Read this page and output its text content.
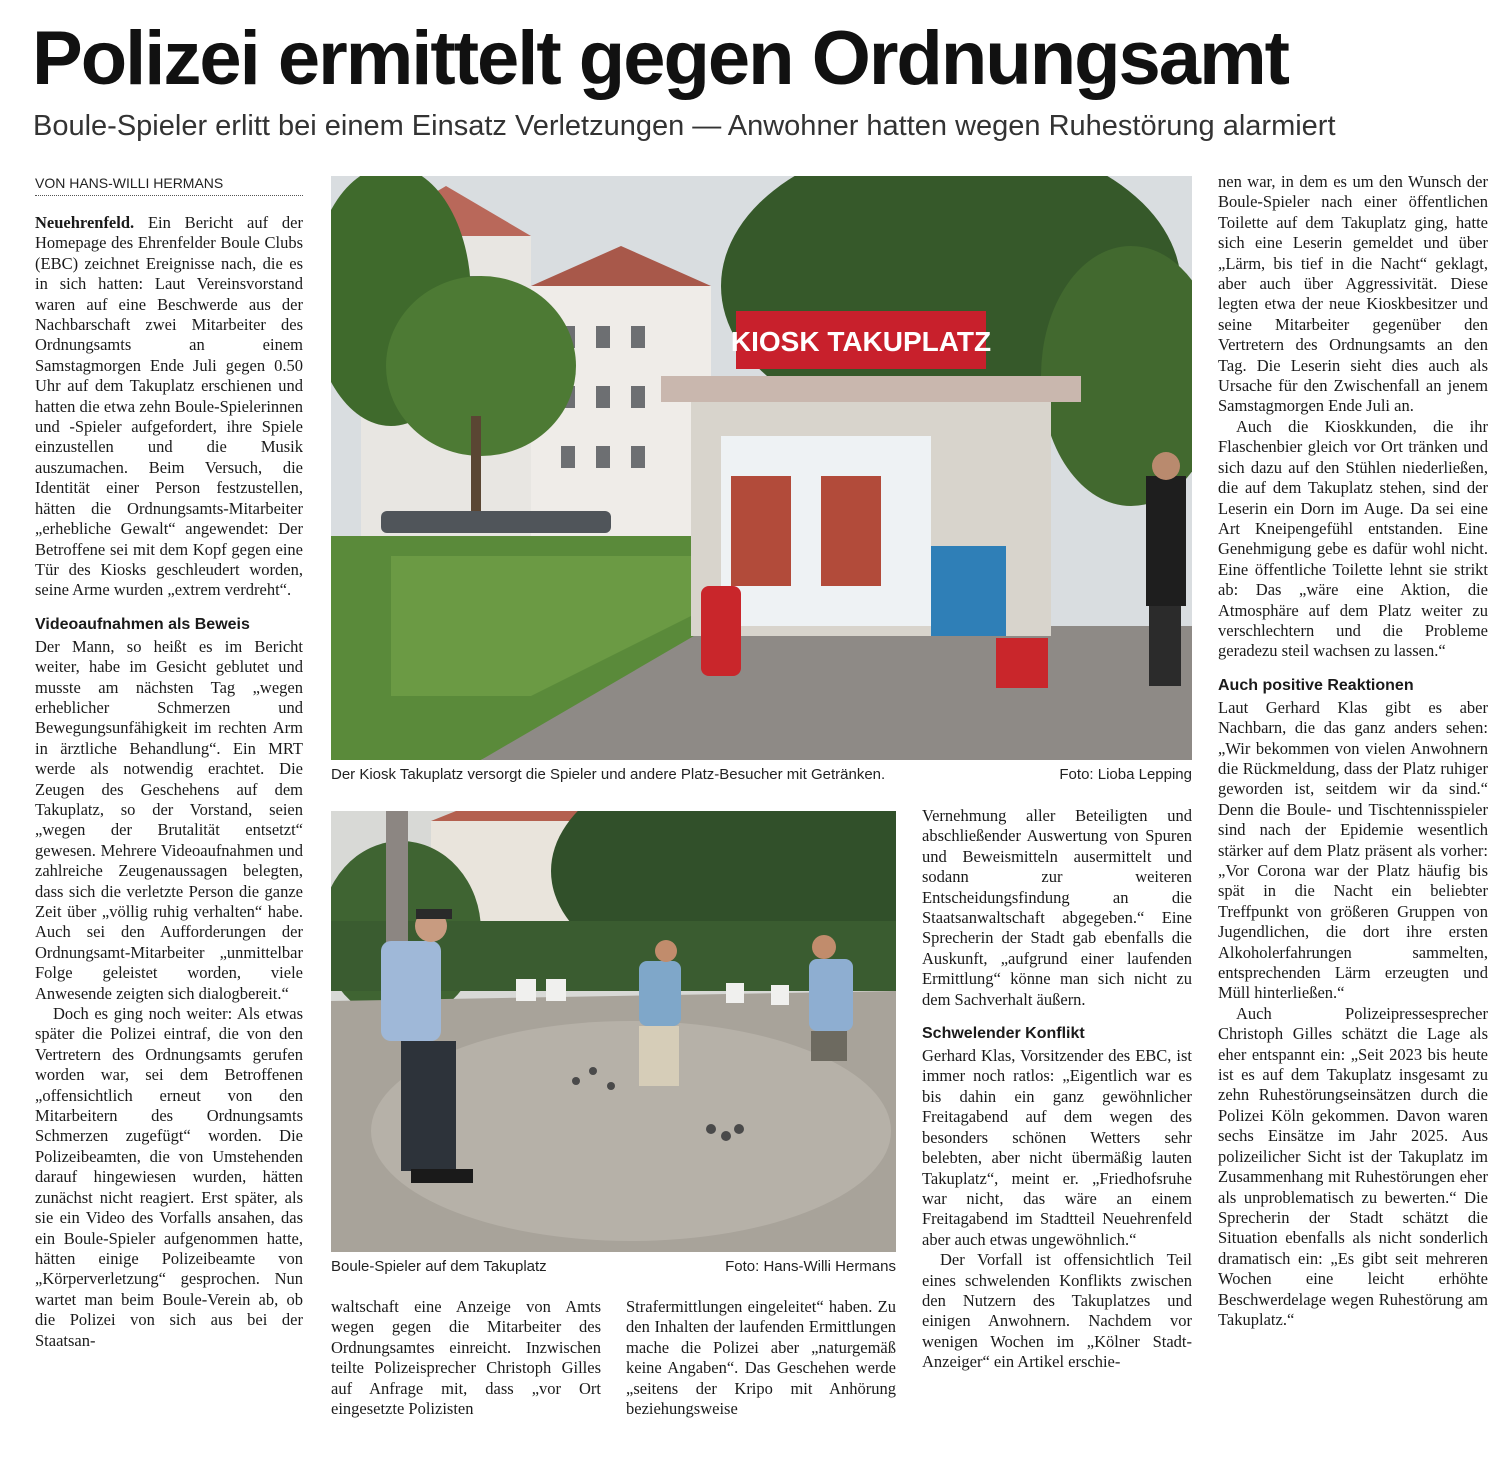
Polizei ermittelt gegen Ordnungsamt
Boule-Spieler erlitt bei einem Einsatz Verletzungen — Anwohner hatten wegen Ruhestörung alarmiert
VON HANS-WILLI HERMANS

Neuehrenfeld. Ein Bericht auf der Homepage des Ehrenfelder Boule Clubs (EBC) zeichnet Ereignisse nach, die es in sich hatten: Laut Vereinsvorstand waren auf eine Beschwerde aus der Nachbarschaft zwei Mitarbeiter des Ordnungsamts an einem Samstagmorgen Ende Juli gegen 0.50 Uhr auf dem Takuplatz erschienen und hatten die etwa zehn Boule-Spielerinnen und -Spieler aufgefordert, ihre Spiele einzustellen und die Musik auszumachen. Beim Versuch, die Identität einer Person festzustellen, hätten die Ordnungsamts-Mitarbeiter „erhebliche Gewalt“ angewendet: Der Betroffene sei mit dem Kopf gegen eine Tür des Kiosks geschleudert worden, seine Arme wurden „extrem verdreht“.

Videoaufnahmen als Beweis

Der Mann, so heißt es im Bericht weiter, habe im Gesicht geblutet und musste am nächsten Tag „wegen erheblicher Schmerzen und Bewegungsunfähigkeit im rechten Arm in ärztliche Behandlung“. Ein MRT werde als notwendig erachtet. Die Zeugen des Geschehens auf dem Takuplatz, so der Vorstand, seien „wegen der Brutalität entsetzt“ gewesen. Mehrere Videoaufnahmen und zahlreiche Zeugenaussagen belegten, dass sich die verletzte Person die ganze Zeit über „völlig ruhig verhalten“ habe. Auch sei den Aufforderungen der Ordnungsamt-Mitarbeiter „unmittelbar Folge geleistet worden, viele Anwesende zeigten sich dialogbereit.“

Doch es ging noch weiter: Als etwas später die Polizei eintraf, die von den Vertretern des Ordnungsamts gerufen worden war, sei dem Betroffenen „offensichtlich erneut von den Mitarbeitern des Ordnungsamts Schmerzen zugefügt“ worden. Die Polizeibeamten, die von Umstehenden darauf hingewiesen wurden, hätten zunächst nicht reagiert. Erst später, als sie ein Video des Vorfalls ansahen, das ein Boule-Spieler aufgenommen hatte, hätten einige Polizeibeamte von „Körperverletzung“ gesprochen. Nun wartet man beim Boule-Verein ab, ob die Polizei von sich aus bei der Staatsan-

KIOSK TAKUPLATZ
Der Kiosk Takuplatz versorgt die Spieler und andere Platz-Besucher mit Getränken.	Foto: Lioba Lepping
Boule-Spieler auf dem Takuplatz	Foto: Hans-Willi Hermans

waltschaft eine Anzeige von Amts wegen gegen die Mitarbeiter des Ordnungsamtes einreicht. Inzwischen teilte Polizeisprecher Christoph Gilles auf Anfrage mit, dass „vor Ort eingesetzte Polizisten

Strafermittlungen eingeleitet“ haben. Zu den Inhalten der laufenden Ermittlungen mache die Polizei aber „naturgemäß keine Angaben“. Das Geschehen werde „seitens der Kripo mit Anhörung beziehungsweise

Vernehmung aller Beteiligten und abschließender Auswertung von Spuren und Beweismitteln ausermittelt und sodann zur weiteren Entscheidungsfindung an die Staatsanwaltschaft abgegeben.“ Eine Sprecherin der Stadt gab ebenfalls die Auskunft, „aufgrund einer laufenden Ermittlung“ könne man sich nicht zu dem Sachverhalt äußern.

Schwelender Konflikt

Gerhard Klas, Vorsitzender des EBC, ist immer noch ratlos: „Eigentlich war es bis dahin ein ganz gewöhnlicher Freitagabend auf dem wegen des besonders schönen Wetters sehr belebten, aber nicht übermäßig lauten Takuplatz“, meint er. „Friedhofsruhe war nicht, das wäre an einem Freitagabend im Stadtteil Neuehrenfeld aber auch etwas ungewöhnlich.“

Der Vorfall ist offensichtlich Teil eines schwelenden Konflikts zwischen den Nutzern des Takuplatzes und einigen Anwohnern. Nachdem vor wenigen Wochen im „Kölner Stadt-Anzeiger“ ein Artikel erschie-

nen war, in dem es um den Wunsch der Boule-Spieler nach einer öffentlichen Toilette auf dem Takuplatz ging, hatte sich eine Leserin gemeldet und über „Lärm, bis tief in die Nacht“ geklagt, aber auch über Aggressivität. Diese legten etwa der neue Kioskbesitzer und seine Mitarbeiter gegenüber den Vertretern des Ordnungsamts an den Tag. Die Leserin sieht dies auch als Ursache für den Zwischenfall an jenem Samstagmorgen Ende Juli an.

Auch die Kioskkunden, die ihr Flaschenbier gleich vor Ort tränken und sich dazu auf den Stühlen niederließen, die auf dem Takuplatz stehen, sind der Leserin ein Dorn im Auge. Da sei eine Art Kneipengefühl entstanden. Eine Genehmigung gebe es dafür wohl nicht. Eine öffentliche Toilette lehnt sie strikt ab: Das „wäre eine Aktion, die Atmosphäre auf dem Platz weiter zu verschlechtern und die Probleme geradezu steil wachsen zu lassen.“

Auch positive Reaktionen

Laut Gerhard Klas gibt es aber Nachbarn, die das ganz anders sehen: „Wir bekommen von vielen Anwohnern die Rückmeldung, dass der Platz ruhiger geworden ist, seitdem wir da sind.“ Denn die Boule- und Tischtennisspieler sind nach der Epidemie wesentlich stärker auf dem Platz präsent als vorher: „Vor Corona war der Platz häufig bis spät in die Nacht ein beliebter Treffpunkt von größeren Gruppen von Jugendlichen, die dort ihre ersten Alkoholerfahrungen sammelten, entsprechenden Lärm erzeugten und Müll hinterließen.“

Auch Polizeipressesprecher Christoph Gilles schätzt die Lage als eher entspannt ein: „Seit 2023 bis heute ist es auf dem Takuplatz insgesamt zu zehn Ruhestörungseinsätzen durch die Polizei Köln gekommen. Davon waren sechs Einsätze im Jahr 2025. Aus polizeilicher Sicht ist der Takuplatz im Zusammenhang mit Ruhestörungen eher als unproblematisch zu bewerten.“ Die Sprecherin der Stadt schätzt die Situation ebenfalls als nicht sonderlich dramatisch ein: „Es gibt seit mehreren Wochen eine leicht erhöhte Beschwerdelage wegen Ruhestörung am Takuplatz.“
